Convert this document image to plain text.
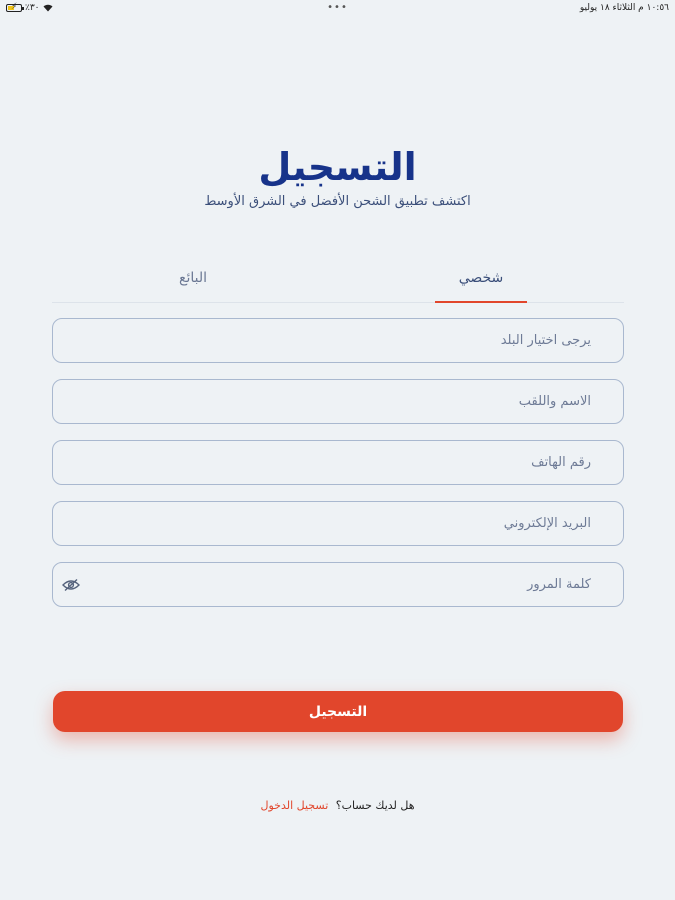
⚡ ٪٣٠	•••	١٠:٥٦ م الثلاثاء ١٨ يوليو
التسجيل
اكتشف تطبيق الشحن الأفضل في الشرق الأوسط
شخصي
البائع
يرجى اختيار البلد
الاسم واللقب
رقم الهاتف
البريد الإلكتروني
التسجيل
هل لديك حساب؟ تسجيل الدخول
